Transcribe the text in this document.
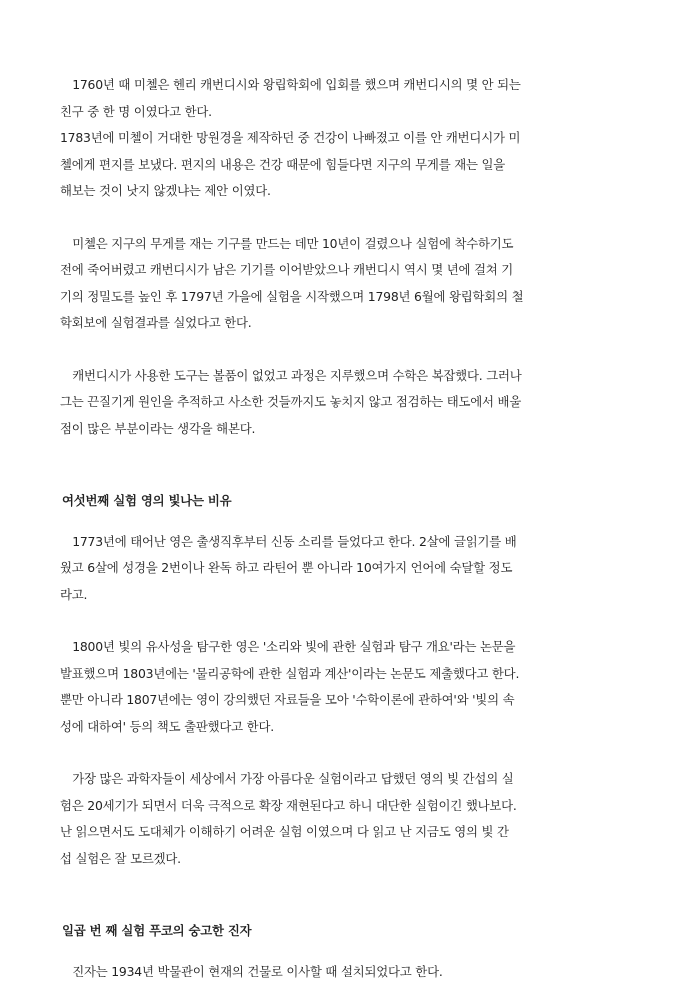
　1760년 때 미첼은 헨리 캐번디시와 왕립학회에 입회를 했으며 캐번디시의 몇 안 되는
친구 중 한 명 이였다고 한다.
1783년에 미첼이 거대한 망원경을 제작하던 중 건강이 나빠졌고 이를 안 캐번디시가 미
첼에게 편지를 보냈다. 편지의 내용은 건강 때문에 힘들다면 지구의 무게를 재는 일을
해보는 것이 낫지 않겠냐는 제안 이였다.

　미첼은 지구의 무게를 재는 기구를 만드는 데만 10년이 걸렸으나 실험에 착수하기도
전에 죽어버렸고 캐번디시가 남은 기기를 이어받았으나 캐번디시 역시 몇 년에 걸쳐 기
기의 정밀도를 높인 후 1797년 가을에 실험을 시작했으며 1798년 6월에 왕립학회의 철
학회보에 실험결과를 실었다고 한다.

　캐번디시가 사용한 도구는 볼품이 없었고 과정은 지루했으며 수학은 복잡했다. 그러나
그는 끈질기게 원인을 추적하고 사소한 것들까지도 놓치지 않고 점검하는 태도에서 배울
점이 많은 부분이라는 생각을 해본다.

여섯번째 실험 영의 빛나는 비유

　1773년에 태어난 영은 출생직후부터 신동 소리를 들었다고 한다. 2살에 글읽기를 배
웠고 6살에 성경을 2번이나 완독 하고 라틴어 뿐 아니라 10여가지 언어에 숙달할 정도
라고.

　1800년 빛의 유사성을 탐구한 영은 '소리와 빛에 관한 실험과 탐구 개요'라는 논문을
발표했으며 1803년에는 '물리공학에 관한 실험과 계산'이라는 논문도 제출했다고 한다.
뿐만 아니라 1807년에는 영이 강의했던 자료들을 모아 '수학이론에 관하여'와 '빛의 속
성에 대하여' 등의 책도 출판했다고 한다.

　가장 많은 과학자들이 세상에서 가장 아름다운 실험이라고 답했던 영의 빛 간섭의 실
험은 20세기가 되면서 더욱 극적으로 확장 재현된다고 하니 대단한 실험이긴 했나보다.
난 읽으면서도 도대체가 이해하기 어려운 실험 이였으며 다 읽고 난 지금도 영의 빛 간
섭 실험은 잘 모르겠다.

일곱 번 째 실험 푸코의 숭고한 진자

　진자는 1934년 박물관이 현재의 건물로 이사할 때 설치되었다고 한다.
